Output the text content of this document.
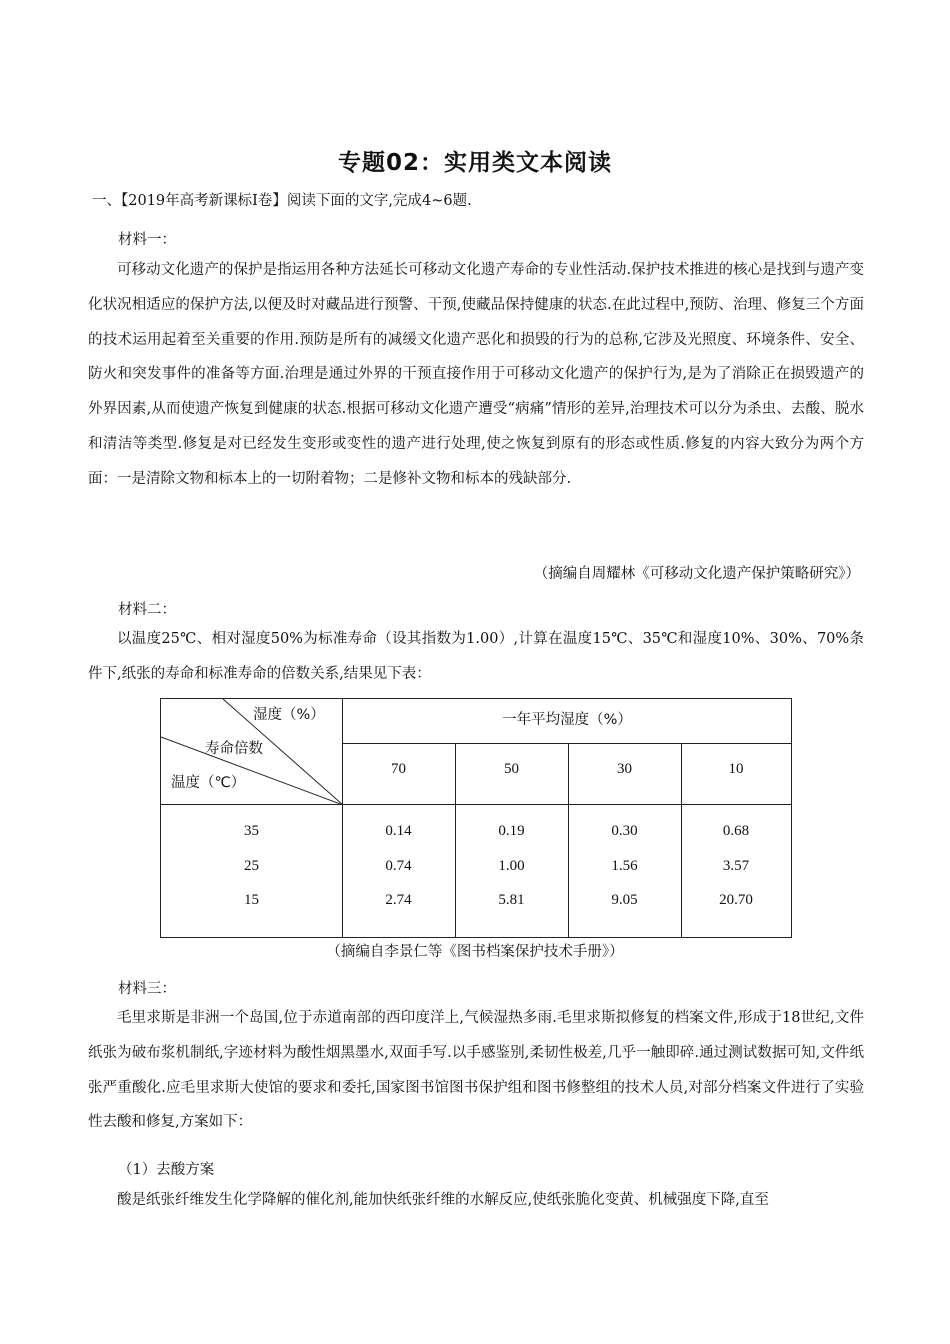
专题02：实用类文本阅读
一、【2019年高考新课标Ⅰ卷】阅读下面的文字,完成4~6题.
材料一：

可移动文化遗产的保护是指运用各种方法延长可移动文化遗产寿命的专业性活动.保护技术推进的核心是找到与遗产变化状况相适应的保护方法,以便及时对藏品进行预警、干预,使藏品保持健康的状态.在此过程中,预防、治理、修复三个方面的技术运用起着至关重要的作用.预防是所有的减缓文化遗产恶化和损毁的行为的总称,它涉及光照度、环境条件、安全、防火和突发事件的准备等方面.治理是通过外界的干预直接作用于可移动文化遗产的保护行为,是为了消除正在损毁遗产的外界因素,从而使遗产恢复到健康的状态.根据可移动文化遗产遭受“病痛”情形的差异,治理技术可以分为杀虫、去酸、脱水和清洁等类型.修复是对已经发生变形或变性的遗产进行处理,使之恢复到原有的形态或性质.修复的内容大致分为两个方面：一是清除文物和标本上的一切附着物；二是修补文物和标本的残缺部分.

（摘编自周耀林《可移动文化遗产保护策略研究》）
材料二：

以温度25℃、相对湿度50%为标准寿命（设其指数为1.00）,计算在温度15℃、35℃和湿度10%、30%、70%条件下,纸张的寿命和标准寿命的倍数关系,结果见下表：

湿度（%）
寿命倍数
温度（℃）
一年平均湿度（%）
70	50	30	10
35	0.14	0.19	0.30	0.68
25	0.74	1.00	1.56	3.57
15	2.74	5.81	9.05	20.70
（摘编自李景仁等《图书档案保护技术手册》）
材料三：

毛里求斯是非洲一个岛国,位于赤道南部的西印度洋上,气候湿热多雨.毛里求斯拟修复的档案文件,形成于18世纪,文件纸张为破布浆机制纸,字迹材料为酸性烟黑墨水,双面手写.以手感鉴别,柔韧性极差,几乎一触即碎.通过测试数据可知,文件纸张严重酸化.应毛里求斯大使馆的要求和委托,国家图书馆图书保护组和图书修整组的技术人员,对部分档案文件进行了实验性去酸和修复,方案如下：

（1）去酸方案

酸是纸张纤维发生化学降解的催化剂,能加快纸张纤维的水解反应,使纸张脆化变黄、机械强度下降,直至
